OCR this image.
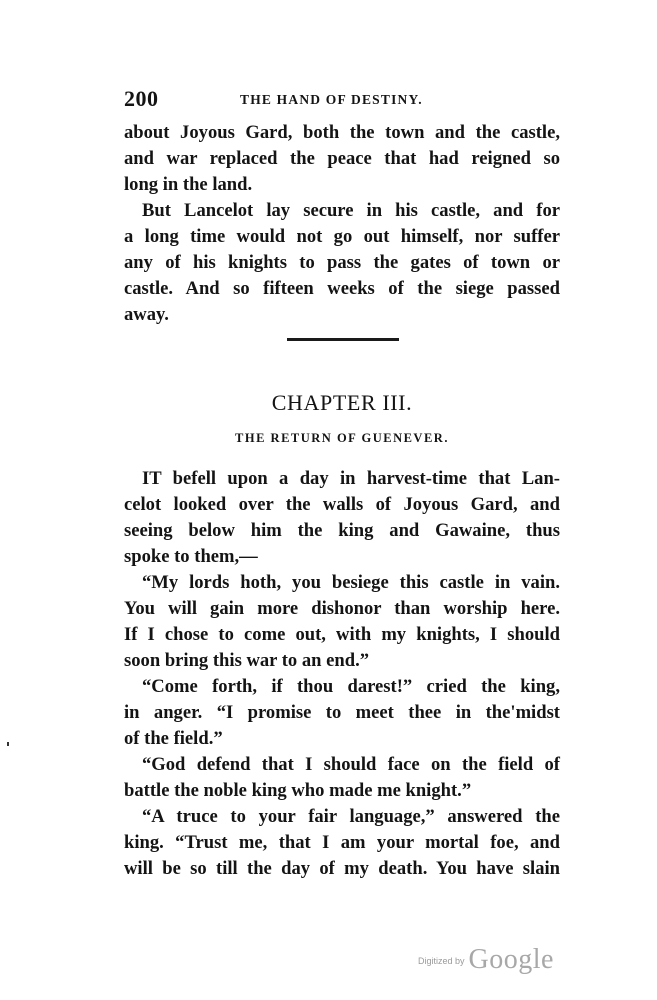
200	THE HAND OF DESTINY.
about Joyous Gard, both the town and the castle,
and war replaced the peace that had reigned so
long in the land.
But Lancelot lay secure in his castle, and for
a long time would not go out himself, nor suffer
any of his knights to pass the gates of town or
castle. And so fifteen weeks of the siege passed
away.
CHAPTER III.
THE RETURN OF GUENEVER.
IT befell upon a day in harvest-time that Lan-
celot looked over the walls of Joyous Gard, and
seeing below him the king and Gawaine, thus
spoke to them,—
“My lords hoth, you besiege this castle in vain.
You will gain more dishonor than worship here.
If I chose to come out, with my knights, I should
soon bring this war to an end.”
“Come forth, if thou darest!” cried the king,
in anger. “I promise to meet thee in the'midst
of the field.”
“God defend that I should face on the field of
battle the noble king who made me knight.”
“A truce to your fair language,” answered the
king. “Trust me, that I am your mortal foe, and
will be so till the day of my death. You have slain
$^{Digitized by}$ Google
